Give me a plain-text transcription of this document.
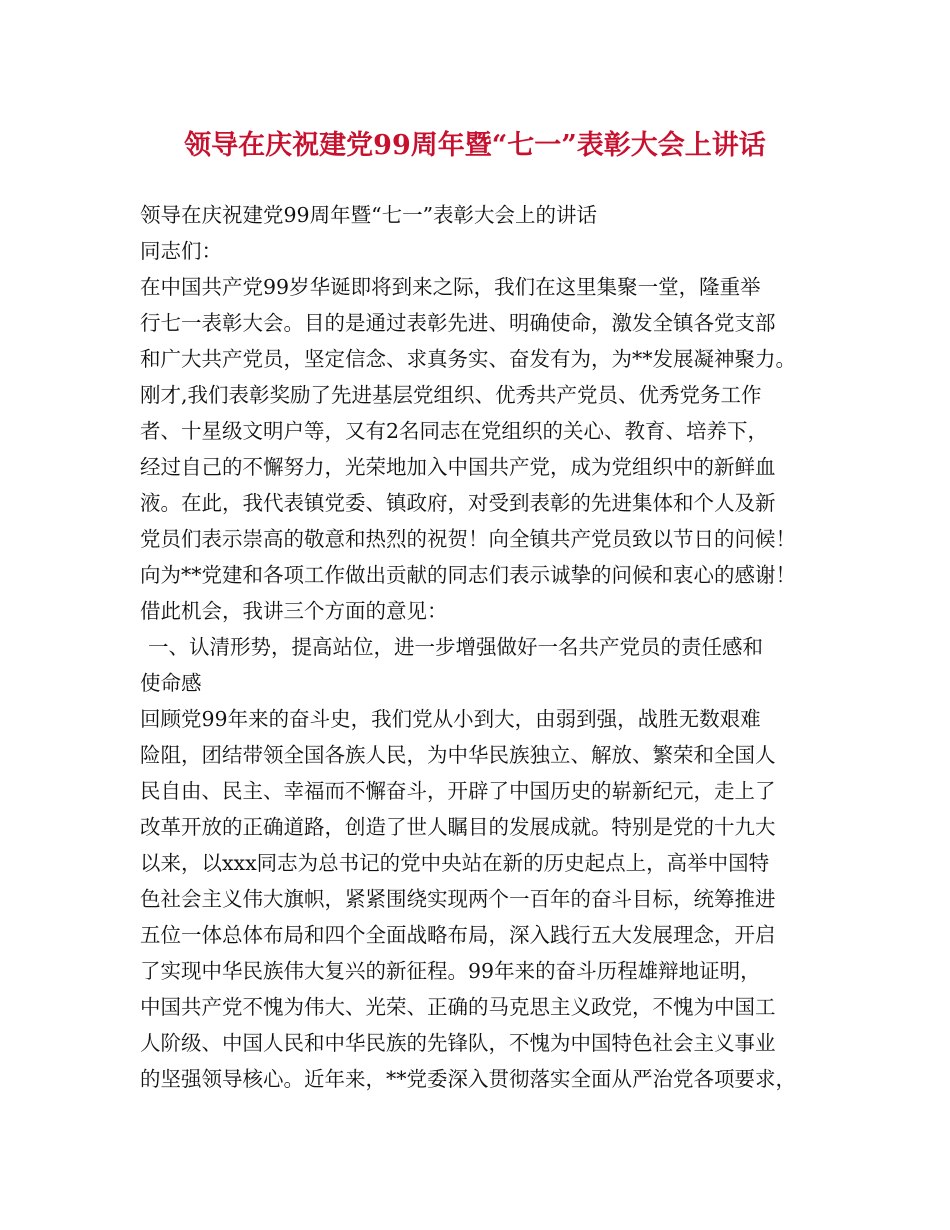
领导在庆祝建党99周年暨“七一”表彰大会上讲话
领导在庆祝建党99周年暨“七一”表彰大会上的讲话
同志们：
在中国共产党99岁华诞即将到来之际，我们在这里集聚一堂，隆重举
行七一表彰大会。目的是通过表彰先进、明确使命，激发全镇各党支部
和广大共产党员，坚定信念、求真务实、奋发有为，为**发展凝神聚力。
刚才,我们表彰奖励了先进基层党组织、优秀共产党员、优秀党务工作
者、十星级文明户等，又有2名同志在党组织的关心、教育、培养下，
经过自己的不懈努力，光荣地加入中国共产党，成为党组织中的新鲜血
液。在此，我代表镇党委、镇政府，对受到表彰的先进集体和个人及新
党员们表示崇高的敬意和热烈的祝贺！向全镇共产党员致以节日的问候！
向为**党建和各项工作做出贡献的同志们表示诚挚的问候和衷心的感谢！
借此机会，我讲三个方面的意见：
一、认清形势，提高站位，进一步增强做好一名共产党员的责任感和
使命感
回顾党99年来的奋斗史，我们党从小到大，由弱到强，战胜无数艰难
险阻，团结带领全国各族人民，为中华民族独立、解放、繁荣和全国人
民自由、民主、幸福而不懈奋斗，开辟了中国历史的崭新纪元，走上了
改革开放的正确道路，创造了世人瞩目的发展成就。特别是党的十九大
以来，以xxx同志为总书记的党中央站在新的历史起点上，高举中国特
色社会主义伟大旗帜，紧紧围绕实现两个一百年的奋斗目标，统筹推进
五位一体总体布局和四个全面战略布局，深入践行五大发展理念，开启
了实现中华民族伟大复兴的新征程。99年来的奋斗历程雄辩地证明，
中国共产党不愧为伟大、光荣、正确的马克思主义政党，不愧为中国工
人阶级、中国人民和中华民族的先锋队，不愧为中国特色社会主义事业
的坚强领导核心。近年来，**党委深入贯彻落实全面从严治党各项要求，
